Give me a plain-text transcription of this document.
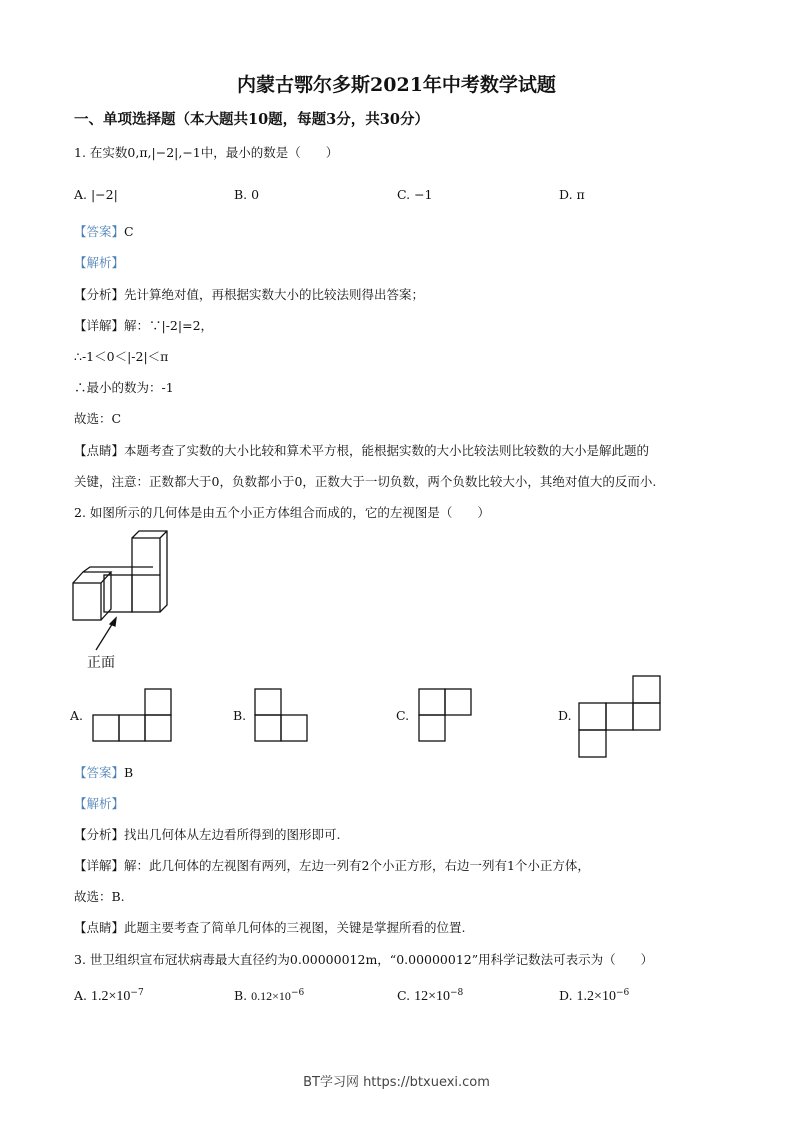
内蒙古鄂尔多斯2021年中考数学试题
一、单项选择题（本大题共10题，每题3分，共30分）
1. 在实数0,π,|−2|,−1中，最小的数是（　　）
A. |−2|	B. 0	C. −1	D. π
【答案】C
【解析】
【分析】先计算绝对值，再根据实数大小的比较法则得出答案；
【详解】解：∵|-2|=2，
∴-1＜0＜|-2|＜π
∴最小的数为：-1
故选：C
【点睛】本题考查了实数的大小比较和算术平方根，能根据实数的大小比较法则比较数的大小是解此题的
关键，注意：正数都大于0，负数都小于0，正数大于一切负数，两个负数比较大小，其绝对值大的反而小.
2. 如图所示的几何体是由五个小正方体组合而成的，它的左视图是（　　）
正面
A.	B.	C.	D.
【答案】B
【解析】
【分析】找出几何体从左边看所得到的图形即可.
【详解】解：此几何体的左视图有两列，左边一列有2个小正方形，右边一列有1个小正方体，
故选：B.
【点睛】此题主要考查了简单几何体的三视图，关键是掌握所看的位置.
3. 世卫组织宣布冠状病毒最大直径约为0.00000012m，“0.00000012”用科学记数法可表示为（　　）
A. $1.2\times 10^{-7}$	B. $0.12\times 10^{-6}$	C. $12\times 10^{-8}$	D. $1.2\times 10^{-6}$
BT学习网 https://btxuexi.com
